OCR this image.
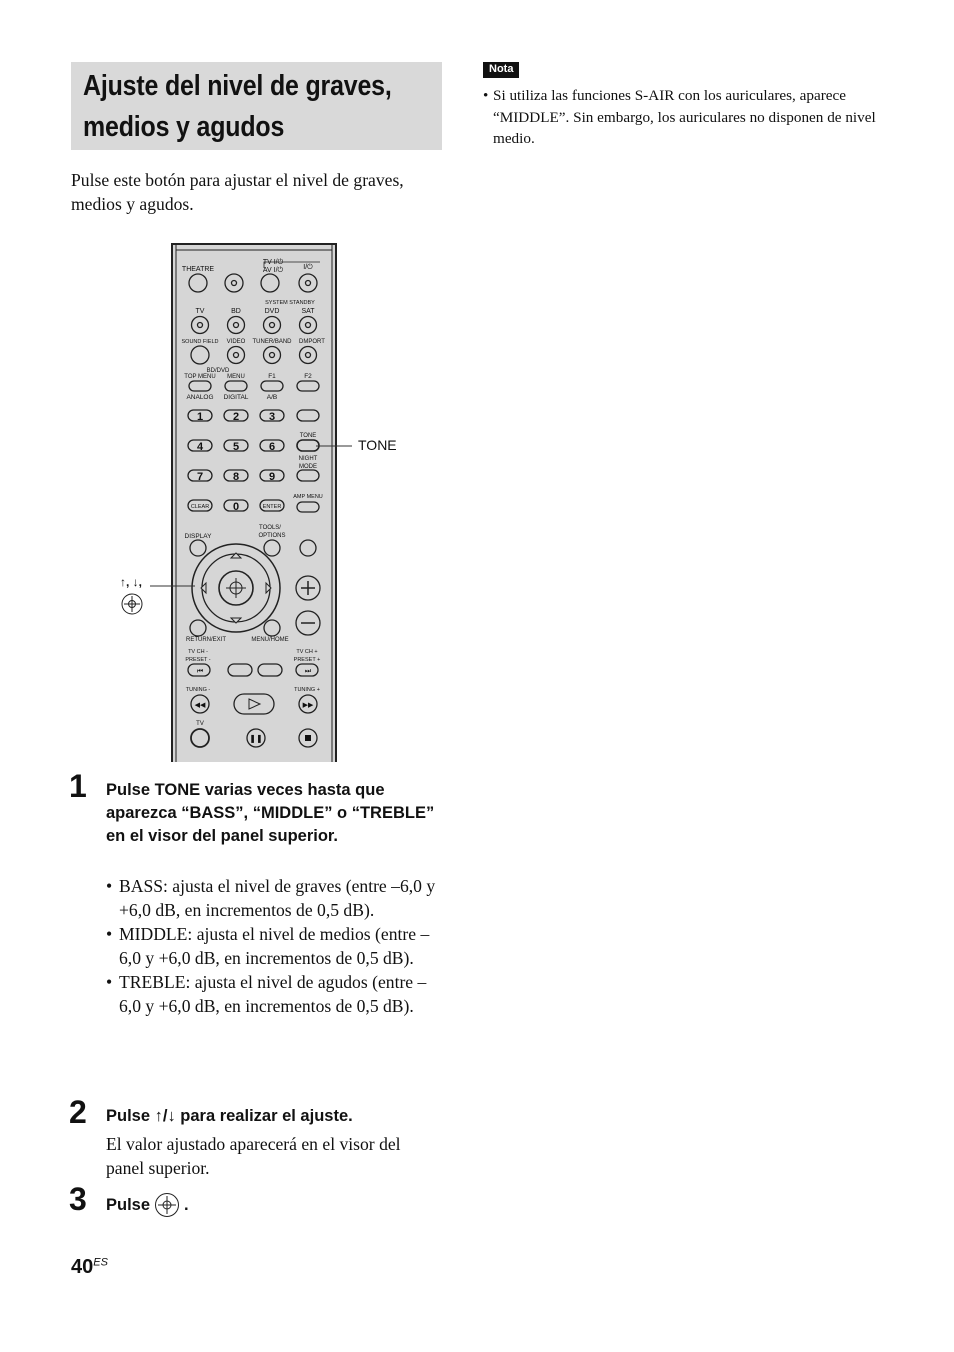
Ajuste del nivel de graves,
medios y agudos
Pulse este botón para ajustar el nivel de graves, medios y agudos.
Nota
• Si utiliza las funciones S-AIR con los auriculares, aparece “MIDDLE”. Sin embargo, los auriculares no disponen de nivel medio.
THEATRE
TV I/⏻
AV I/⏻	I/⏻
SYSTEM STANDBY
TV	BD	DVD	SAT
SOUND FIELD VIDEO TUNER/BAND DMPORT
BD/DVD
TOP MENU MENU	F1	F2
ANALOG DIGITAL	A/B
TONE
NIGHT
MODE
AMP MENU
DISPLAY
TOOLS/
OPTIONS
RETURN/EXIT	MENU/HOME
TV CH -
PRESET -
TV CH +
PRESET +
TUNING -	TUNING +
TV
1	2	3
4	5	6
7	8	9
0
CLEAR	ENTER
⏮	⏭
◀◀	▶▶
❚❚
TONE
↑, ↓,
1 Pulse TONE varias veces hasta que aparezca “BASS”, “MIDDLE” o “TREBLE” en el visor del panel superior.
• BASS: ajusta el nivel de graves (entre –6,0 y +6,0 dB, en incrementos de 0,5 dB).
• MIDDLE: ajusta el nivel de medios (entre –6,0 y +6,0 dB, en incrementos de 0,5 dB).
• TREBLE: ajusta el nivel de agudos (entre –6,0 y +6,0 dB, en incrementos de 0,5 dB).
2 Pulse ↑/↓ para realizar el ajuste.
El valor ajustado aparecerá en el visor del panel superior.
3 Pulse .
$40^{ES}$
